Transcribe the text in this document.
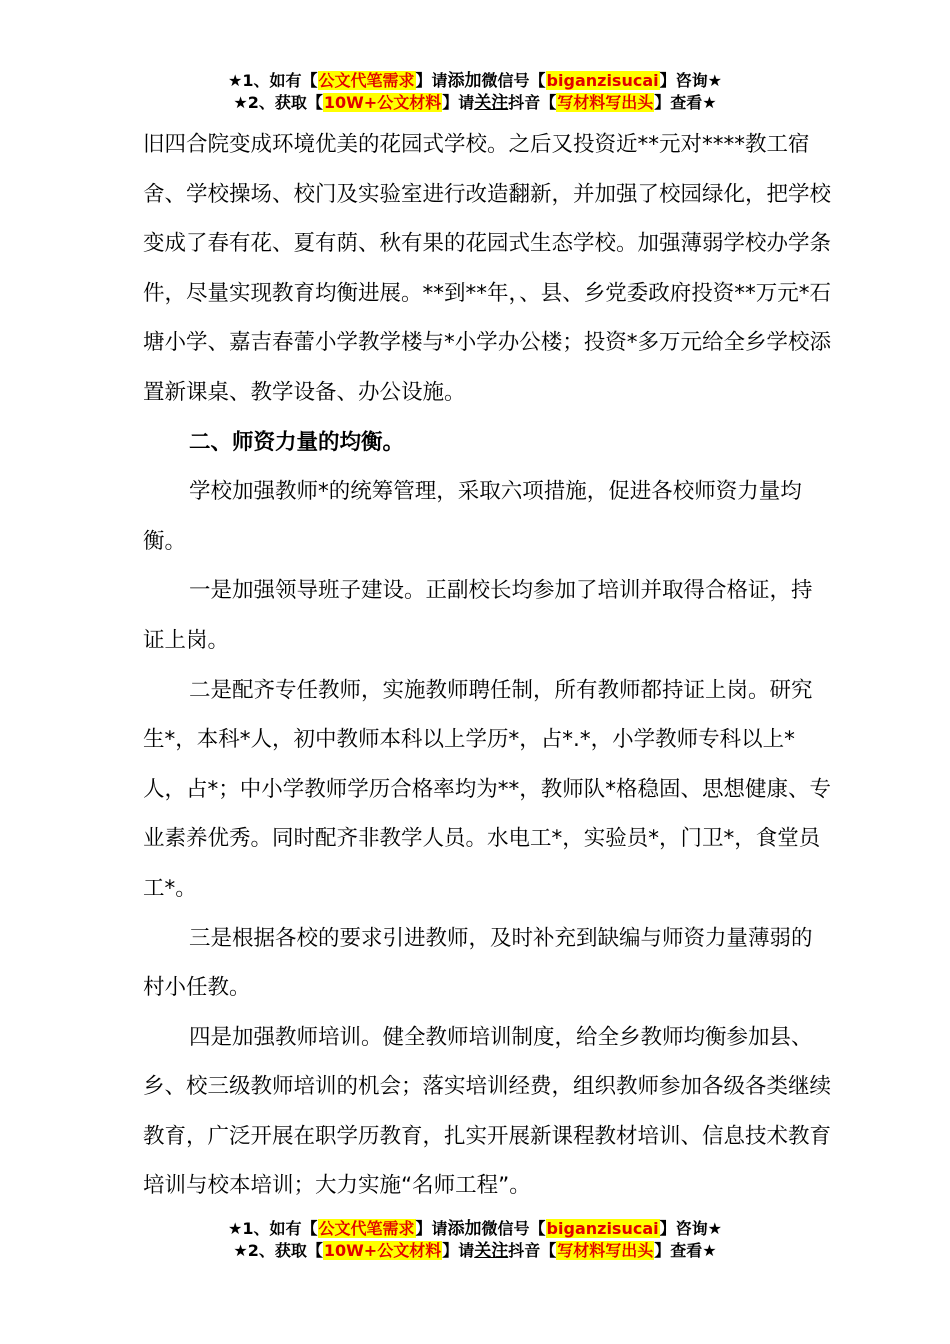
★1、如有【公文代笔需求】请添加微信号【biganzisucai】咨询★
★2、获取【10W+公文材料】请关注抖音【写材料写出头】查看★

旧四合院变成环境优美的花园式学校。之后又投资近**元对****教工宿舍、学校操场、校门及实验室进行改造翻新，并加强了校园绿化，把学校变成了春有花、夏有荫、秋有果的花园式生态学校。加强薄弱学校办学条件，尽量实现教育均衡进展。**到**年，、县、乡党委政府投资**万元*石塘小学、嘉吉春蕾小学教学楼与*小学办公楼；投资*多万元给全乡学校添置新课桌、教学设备、办公设施。

二、师资力量的均衡。

学校加强教师*的统筹管理，采取六项措施，促进各校师资力量均衡。

一是加强领导班子建设。正副校长均参加了培训并取得合格证，持证上岗。

二是配齐专任教师，实施教师聘任制，所有教师都持证上岗。研究生*，本科*人，初中教师本科以上学历*，占*.*，小学教师专科以上*人，占*；中小学教师学历合格率均为**，教师队*格稳固、思想健康、专业素养优秀。同时配齐非教学人员。水电工*，实验员*，门卫*，食堂员工*。

三是根据各校的要求引进教师，及时补充到缺编与师资力量薄弱的村小任教。

四是加强教师培训。健全教师培训制度，给全乡教师均衡参加县、乡、校三级教师培训的机会；落实培训经费，组织教师参加各级各类继续教育，广泛开展在职学历教育，扎实开展新课程教材培训、信息技术教育培训与校本培训；大力实施“名师工程”。

★1、如有【公文代笔需求】请添加微信号【biganzisucai】咨询★
★2、获取【10W+公文材料】请关注抖音【写材料写出头】查看★
